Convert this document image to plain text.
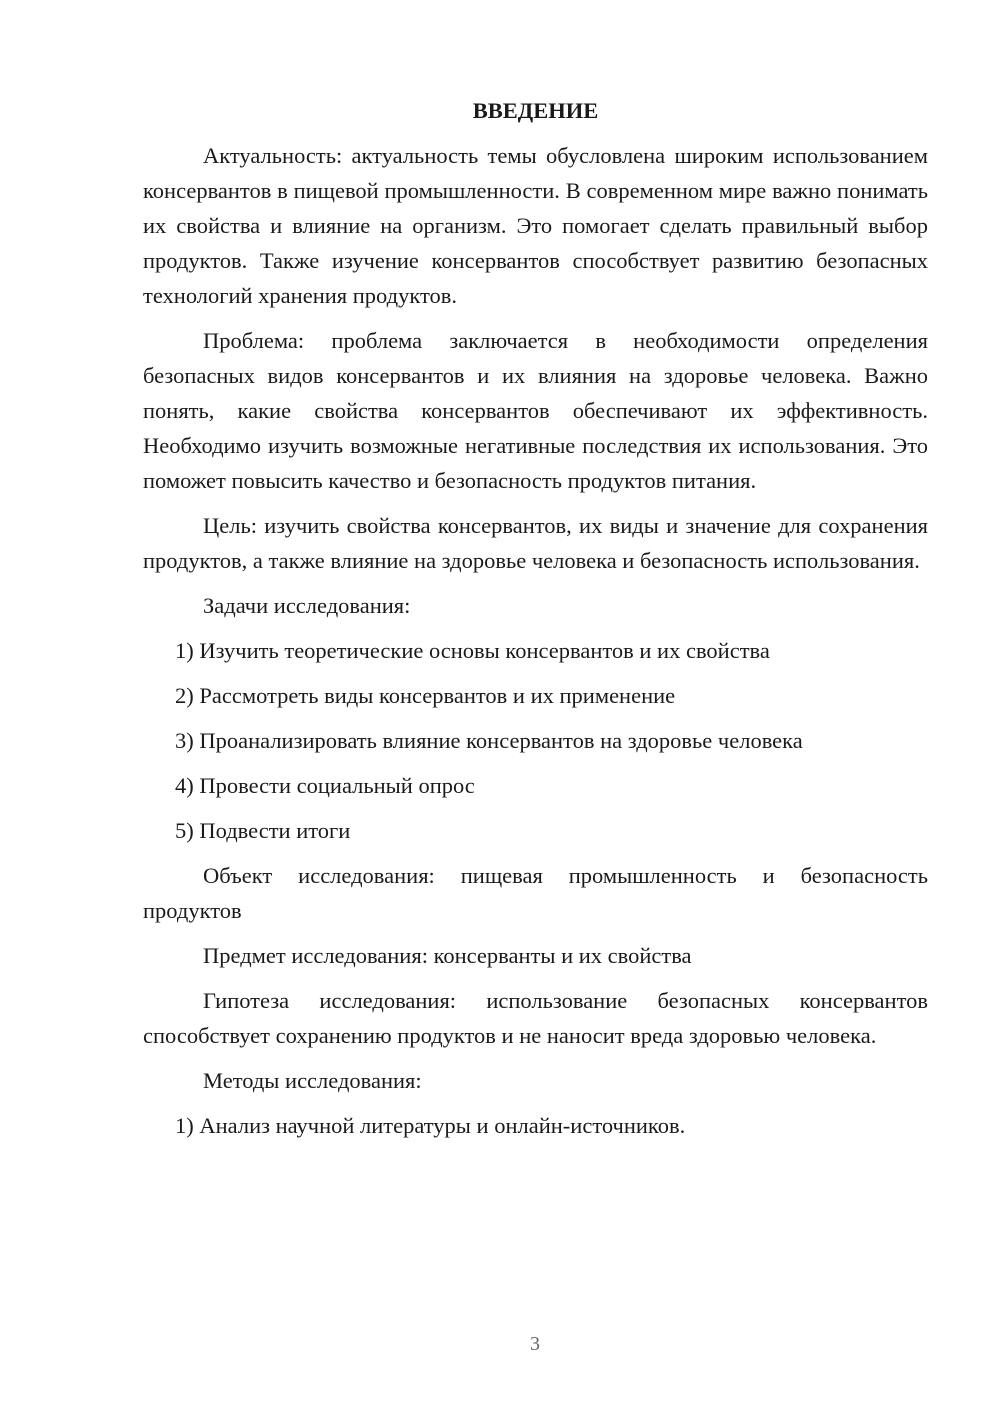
ВВЕДЕНИЕ

Актуальность: актуальность темы обусловлена широким использованием консервантов в пищевой промышленности. В современном мире важно понимать их свойства и влияние на организм. Это помогает сделать правильный выбор продуктов. Также изучение консервантов способствует развитию безопасных технологий хранения продуктов.

Проблема: проблема заключается в необходимости определения безопасных видов консервантов и их влияния на здоровье человека. Важно понять, какие свойства консервантов обеспечивают их эффективность. Необходимо изучить возможные негативные последствия их использования. Это поможет повысить качество и безопасность продуктов питания.

Цель: изучить свойства консервантов, их виды и значение для сохранения продуктов, а также влияние на здоровье человека и безопасность использования.

Задачи исследования:

1) Изучить теоретические основы консервантов и их свойства
2) Рассмотреть виды консервантов и их применение
3) Проанализировать влияние консервантов на здоровье человека
4) Провести социальный опрос
5) Подвести итоги

Объект исследования: пищевая промышленность и безопасность продуктов

Предмет исследования: консерванты и их свойства

Гипотеза исследования: использование безопасных консервантов способствует сохранению продуктов и не наносит вреда здоровью человека.

Методы исследования:

1) Анализ научной литературы и онлайн-источников.
3
